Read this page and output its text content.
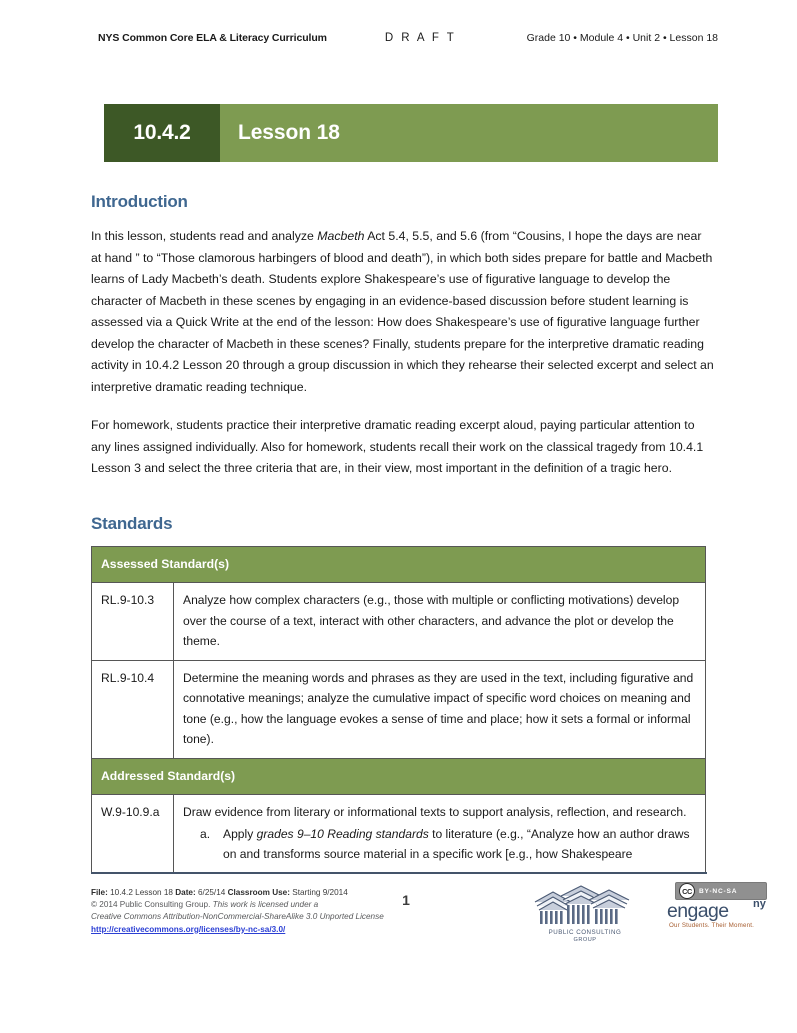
NYS Common Core ELA & Literacy Curriculum	D R A F T	Grade 10 • Module 4 • Unit 2 • Lesson 18
10.4.2	Lesson 18
Introduction

In this lesson, students read and analyze Macbeth Act 5.4, 5.5, and 5.6 (from “Cousins, I hope the days are near at hand ” to “Those clamorous harbingers of blood and death”), in which both sides prepare for battle and Macbeth learns of Lady Macbeth’s death. Students explore Shakespeare’s use of figurative language to develop the character of Macbeth in these scenes by engaging in an evidence-based discussion before student learning is assessed via a Quick Write at the end of the lesson: How does Shakespeare’s use of figurative language further develop the character of Macbeth in these scenes? Finally, students prepare for the interpretive dramatic reading activity in 10.4.2 Lesson 20 through a group discussion in which they rehearse their selected excerpt and select an interpretive dramatic reading technique.

For homework, students practice their interpretive dramatic reading excerpt aloud, paying particular attention to any lines assigned individually. Also for homework, students recall their work on the classical tragedy from 10.4.1 Lesson 3 and select the three criteria that are, in their view, most important in the definition of a tragic hero.

Standards
Assessed Standard(s)	
RL.9-10.3	Analyze how complex characters (e.g., those with multiple or conflicting motivations) develop over the course of a text, interact with other characters, and advance the plot or develop the theme.
RL.9-10.4	Determine the meaning words and phrases as they are used in the text, including figurative and connotative meanings; analyze the cumulative impact of specific word choices on meaning and tone (e.g., how the language evokes a sense of time and place; how it sets a formal or informal tone).
Addressed Standard(s)	
W.9-10.9.a	Draw evidence from literary or informational texts to support analysis, reflection, and research.
a. Apply grades 9–10 Reading standards to literature (e.g., “Analyze how an author draws on and transforms source material in a specific work [e.g., how Shakespeare
File: 10.4.2 Lesson 18 Date: 6/25/14 Classroom Use: Starting 9/2014
© 2014 Public Consulting Group. This work is licensed under a
Creative Commons Attribution-NonCommercial-ShareAlike 3.0 Unported License
http://creativecommons.org/licenses/by-nc-sa/3.0/
1
PUBLIC CONSULTING
GROUP
CC	BY-NC-SA
engage ny
Our Students. Their Moment.
